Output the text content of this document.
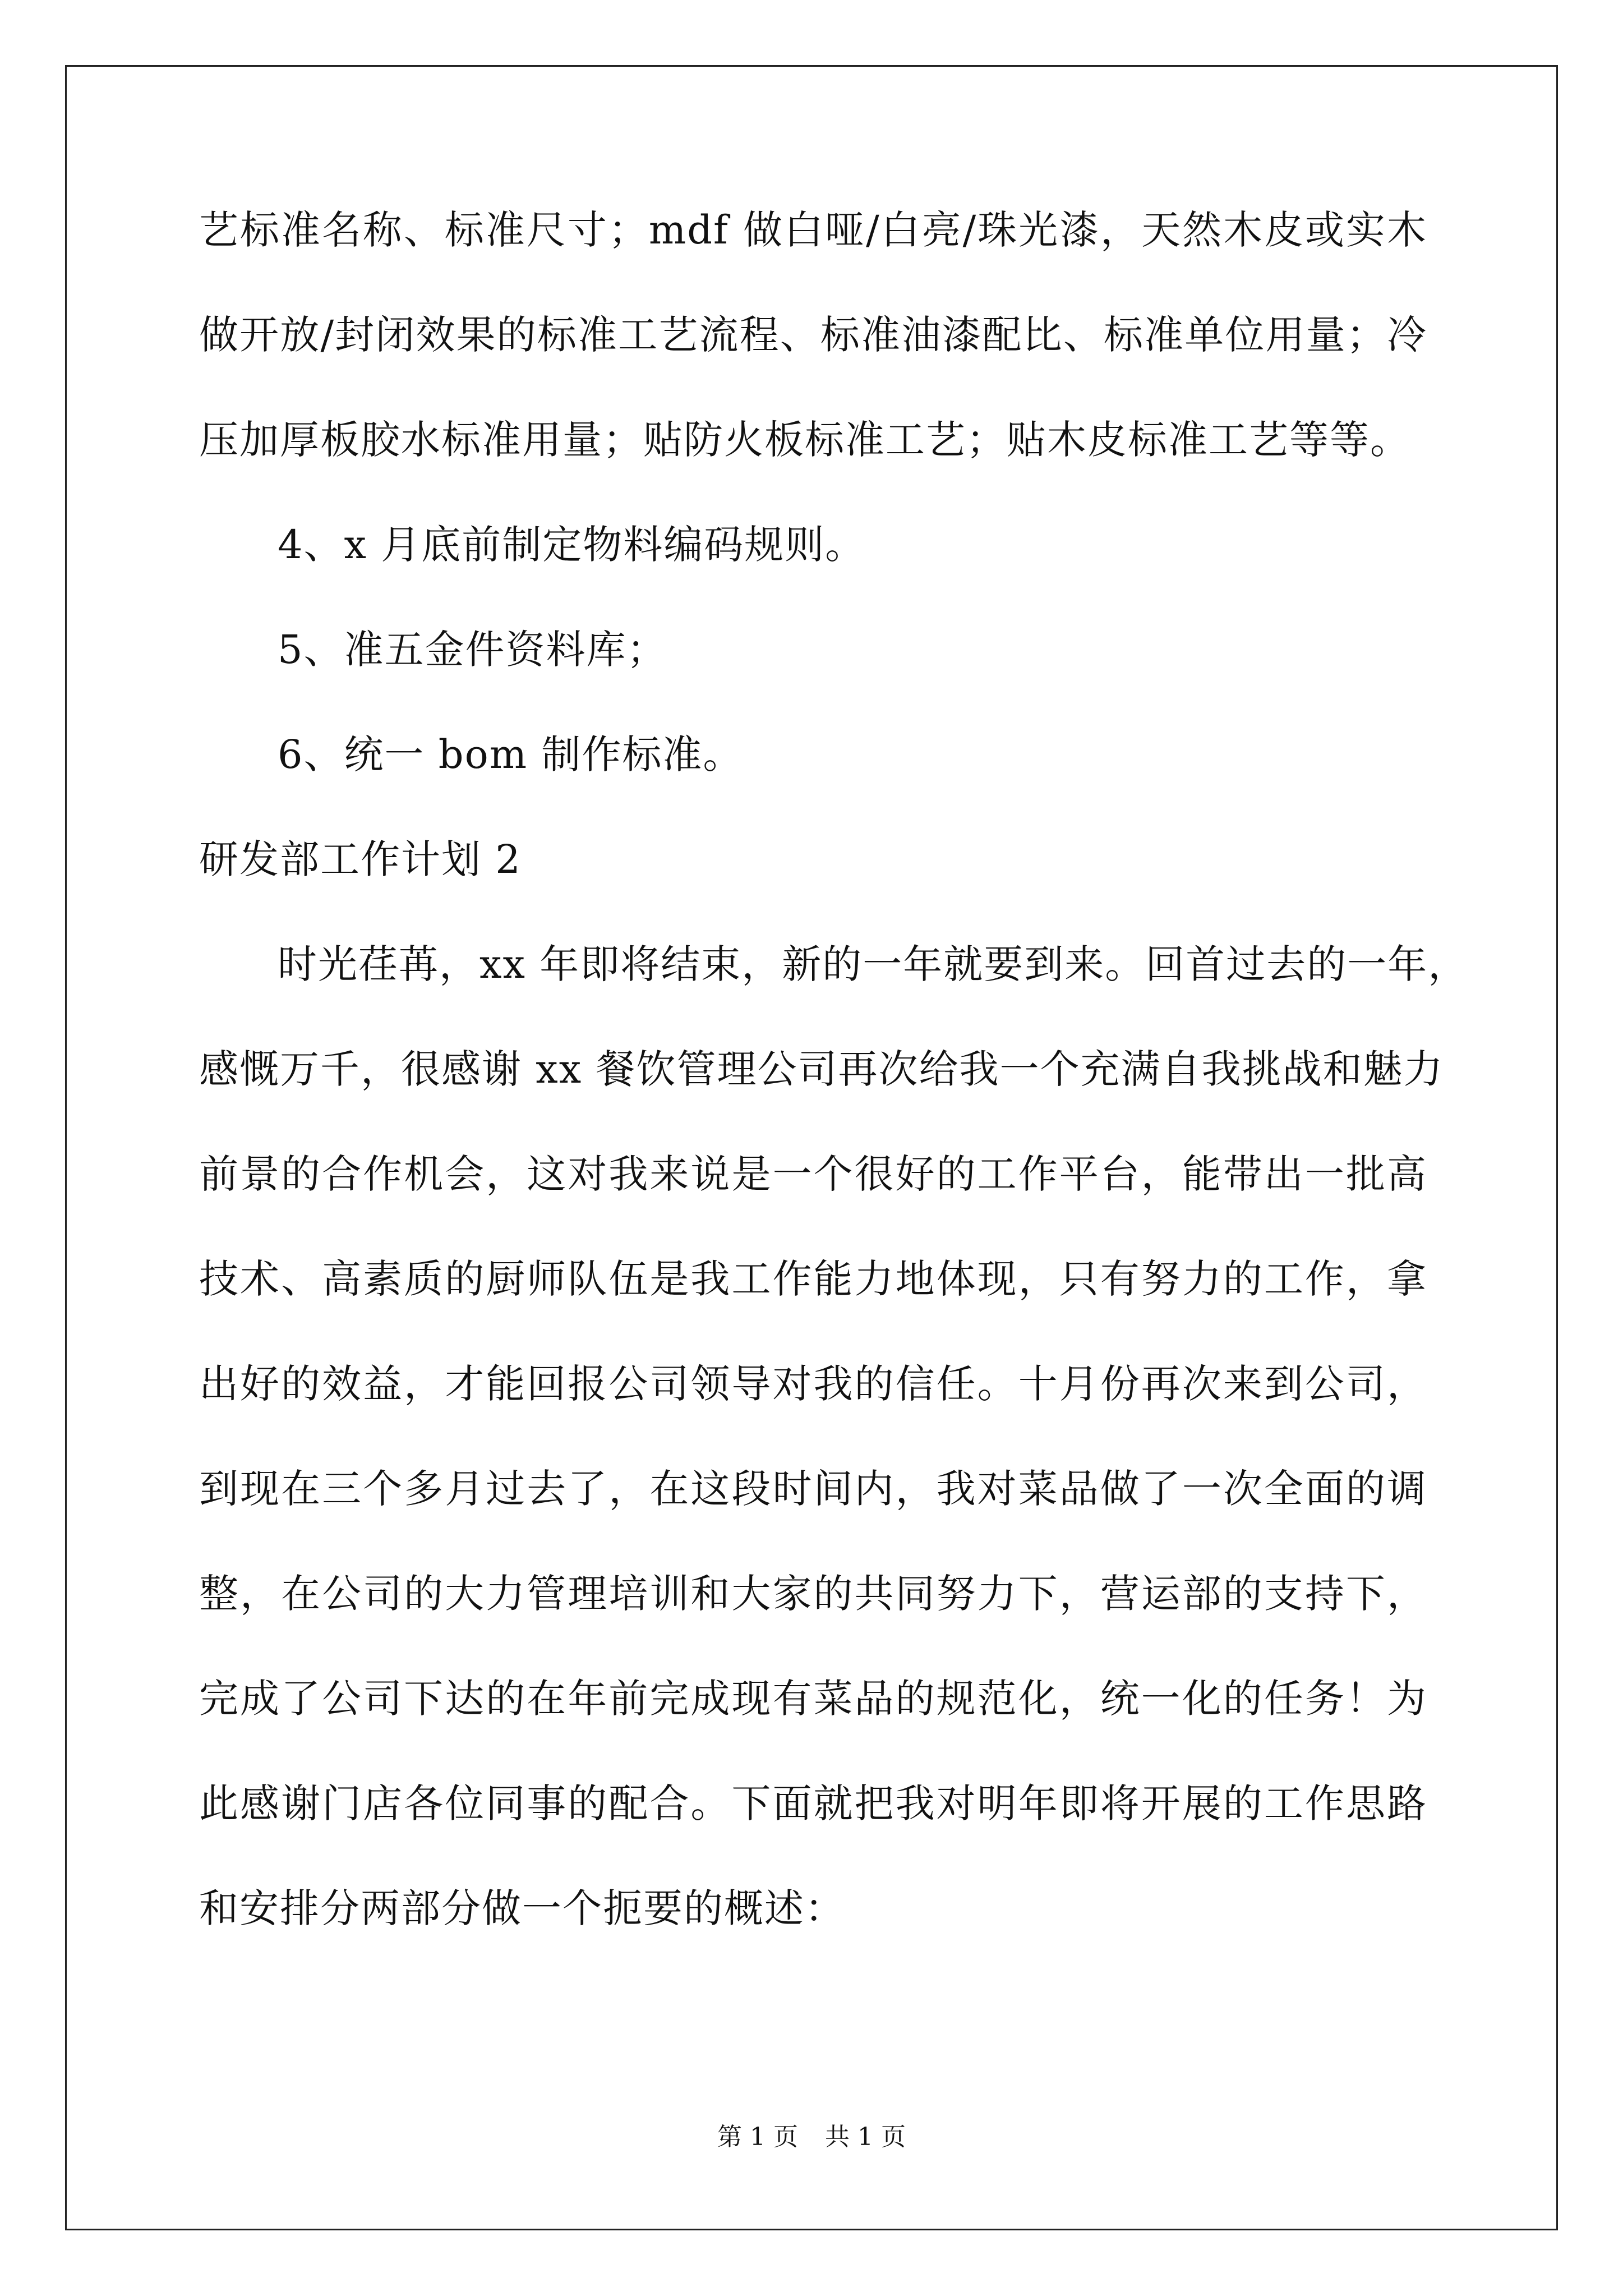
艺标准名称、标准尺寸；mdf 做白哑/白亮/珠光漆，天然木皮或实木
做开放/封闭效果的标准工艺流程、标准油漆配比、标准单位用量；冷
压加厚板胶水标准用量；贴防火板标准工艺；贴木皮标准工艺等等。
4、x 月底前制定物料编码规则。
5、准五金件资料库；
6、统一 bom 制作标准。
研发部工作计划 2
时光荏苒，xx 年即将结束，新的一年就要到来。回首过去的一年，
感慨万千，很感谢 xx 餐饮管理公司再次给我一个充满自我挑战和魅力
前景的合作机会，这对我来说是一个很好的工作平台，能带出一批高
技术、高素质的厨师队伍是我工作能力地体现，只有努力的工作，拿
出好的效益，才能回报公司领导对我的信任。十月份再次来到公司，
到现在三个多月过去了，在这段时间内，我对菜品做了一次全面的调
整，在公司的大力管理培训和大家的共同努力下，营运部的支持下，
完成了公司下达的在年前完成现有菜品的规范化，统一化的任务！为
此感谢门店各位同事的配合。下面就把我对明年即将开展的工作思路
和安排分两部分做一个扼要的概述：
第 1 页 共 1 页
